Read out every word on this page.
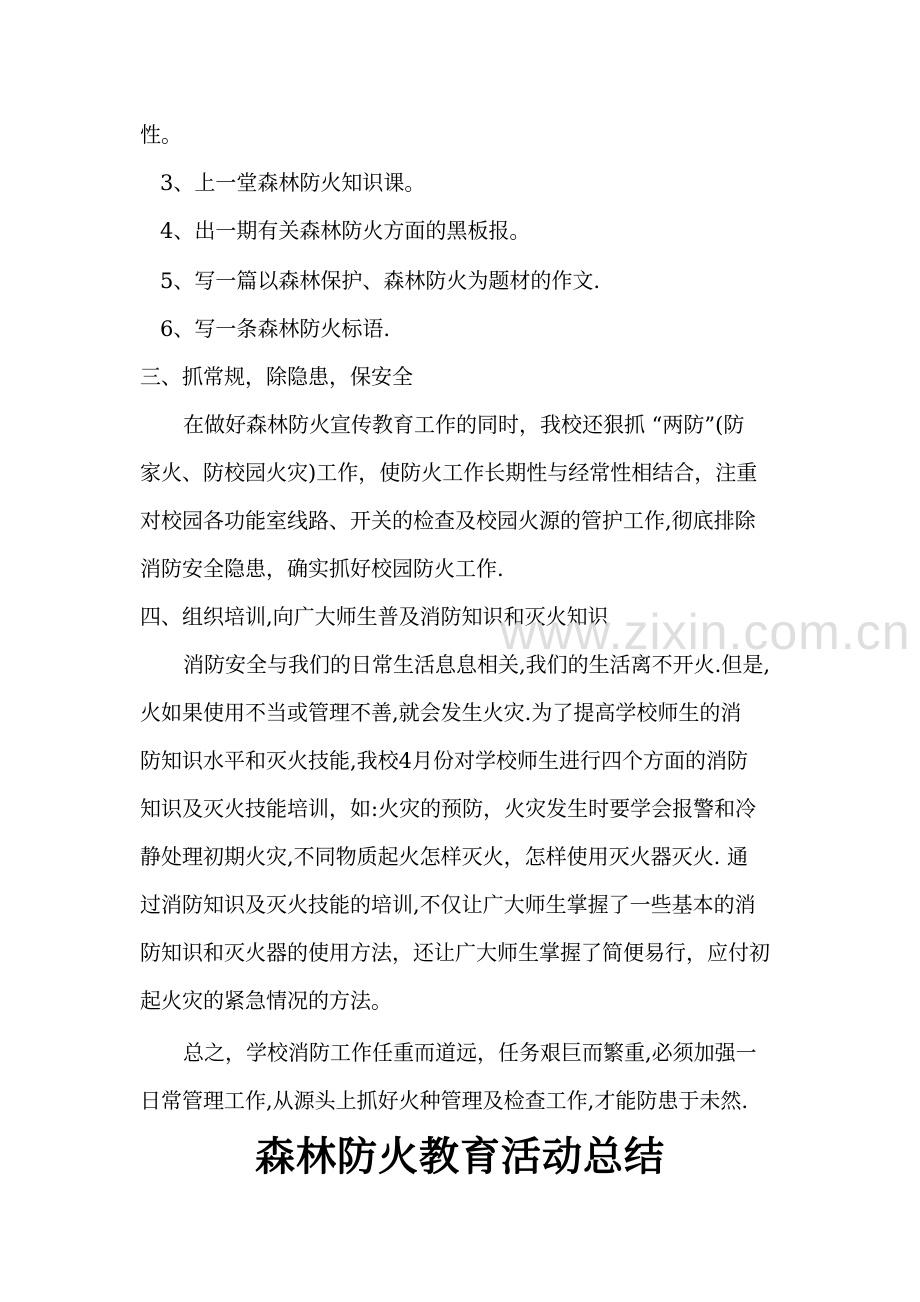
性。
3、上一堂森林防火知识课。
4、出一期有关森林防火方面的黑板报。
5、写一篇以森林保护、森林防火为题材的作文.
6、写一条森林防火标语.
三、抓常规，除隐患，保安全
在做好森林防火宣传教育工作的同时，我校还狠抓 “两防”(防
家火、防校园火灾)工作，使防火工作长期性与经常性相结合，注重
对校园各功能室线路、开关的检查及校园火源的管护工作,彻底排除
消防安全隐患，确实抓好校园防火工作.
四、组织培训,向广大师生普及消防知识和灭火知识
消防安全与我们的日常生活息息相关,我们的生活离不开火.但是,
火如果使用不当或管理不善,就会发生火灾.为了提高学校师生的消
防知识水平和灭火技能,我校4月份对学校师生进行四个方面的消防
知识及灭火技能培训，如:火灾的预防，火灾发生时要学会报警和冷
静处理初期火灾,不同物质起火怎样灭火，怎样使用灭火器灭火. 通
过消防知识及灭火技能的培训,不仅让广大师生掌握了一些基本的消
防知识和灭火器的使用方法，还让广大师生掌握了简便易行，应付初
起火灾的紧急情况的方法。
总之，学校消防工作任重而道远，任务艰巨而繁重,必须加强一
日常管理工作,从源头上抓好火种管理及检查工作,才能防患于未然.
www.zixin.com.cn
森林防火教育活动总结
